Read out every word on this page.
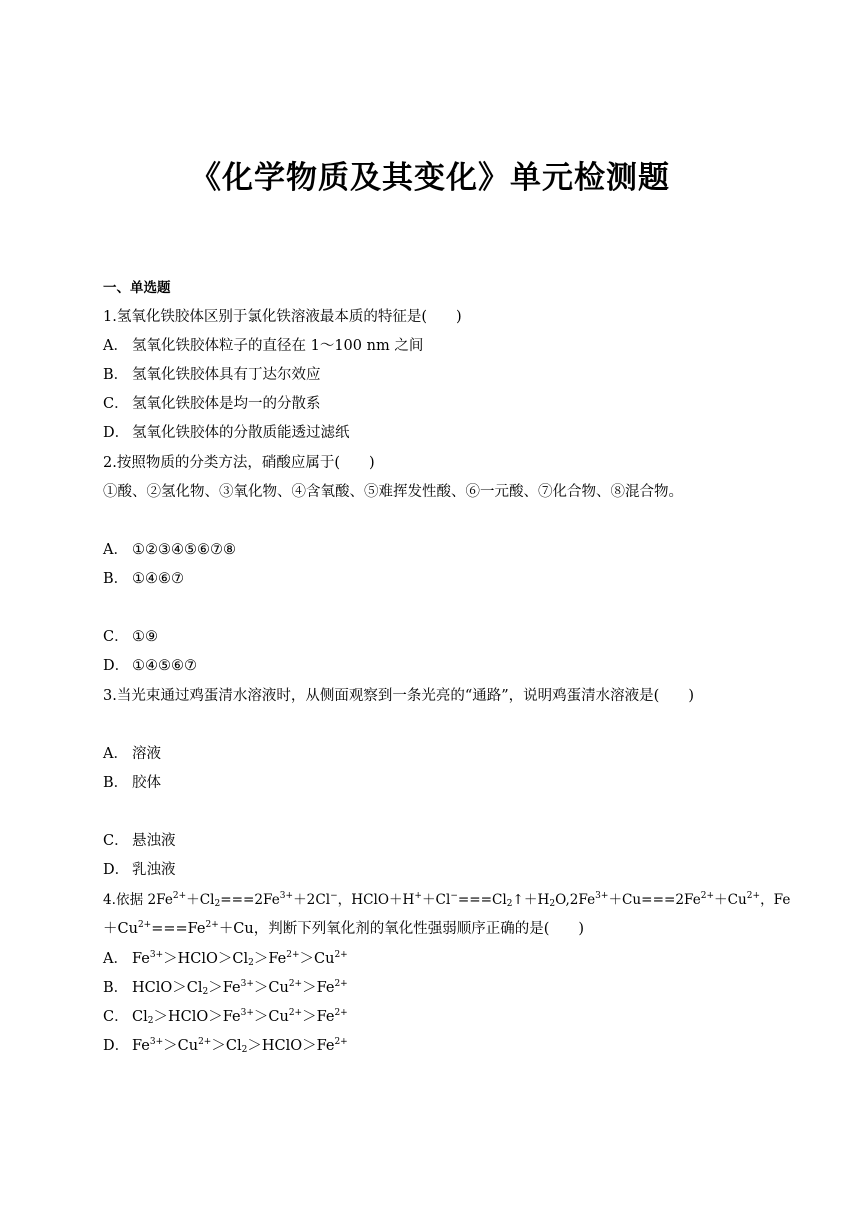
《化学物质及其变化》单元检测题
一、单选题
1.氢氧化铁胶体区别于氯化铁溶液最本质的特征是(　　)
A． 氢氧化铁胶体粒子的直径在 1～100 nm 之间
B． 氢氧化铁胶体具有丁达尔效应
C． 氢氧化铁胶体是均一的分散系
D． 氢氧化铁胶体的分散质能透过滤纸
2.按照物质的分类方法，硝酸应属于(　　)
①酸、②氢化物、③氧化物、④含氧酸、⑤难挥发性酸、⑥一元酸、⑦化合物、⑧混合物。
A． ①②③④⑤⑥⑦⑧
B． ①④⑥⑦
C． ①⑨
D． ①④⑤⑥⑦
3.当光束通过鸡蛋清水溶液时，从侧面观察到一条光亮的“通路”，说明鸡蛋清水溶液是(　　)
A． 溶液
B． 胶体
C． 悬浊液
D． 乳浊液
4.依据 $2Fe^{2+}+Cl_2===2Fe^{3+}+2Cl^-$，$HClO+H^++Cl^-===Cl_2↑+H_2O,2Fe^{3+}+Cu===2Fe^{2+}+Cu^{2+}$，Fe
$+Cu^{2+}===Fe^{2+}+Cu$，判断下列氧化剂的氧化性强弱顺序正确的是(　　)
A． $Fe^{3+}>HClO>Cl_2>Fe^{2+}>Cu^{2+}$
B． $HClO>Cl_2>Fe^{3+}>Cu^{2+}>Fe^{2+}$
C． $Cl_2>HClO>Fe^{3+}>Cu^{2+}>Fe^{2+}$
D． $Fe^{3+}>Cu^{2+}>Cl_2>HClO>Fe^{2+}$
